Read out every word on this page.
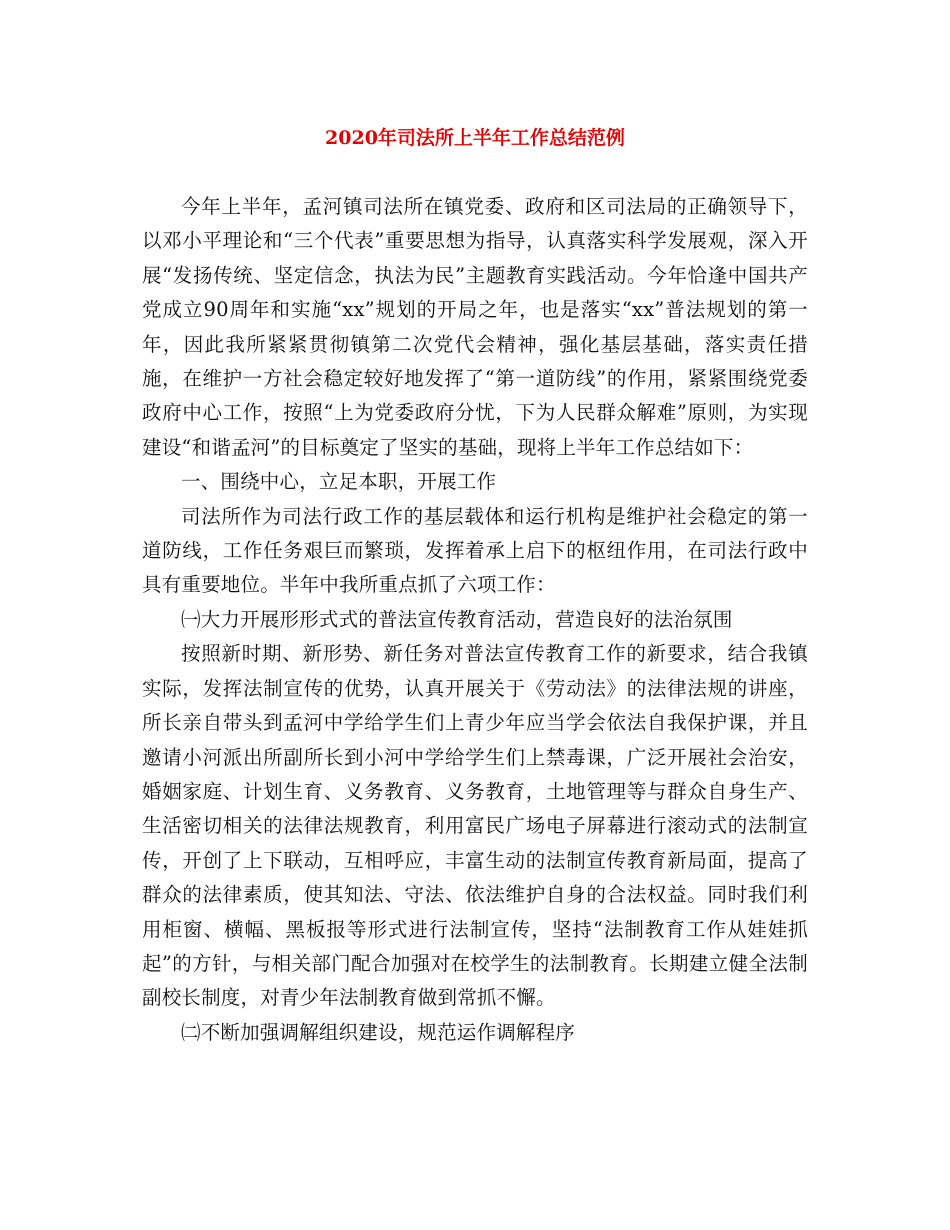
2020年司法所上半年工作总结范例

今年上半年，孟河镇司法所在镇党委、政府和区司法局的正确领导下，以邓小平理论和“三个代表”重要思想为指导，认真落实科学发展观，深入开展“发扬传统、坚定信念，执法为民”主题教育实践活动。今年恰逢中国共产党成立90周年和实施“xx”规划的开局之年，也是落实“xx”普法规划的第一年，因此我所紧紧贯彻镇第二次党代会精神，强化基层基础，落实责任措施，在维护一方社会稳定较好地发挥了“第一道防线”的作用，紧紧围绕党委政府中心工作，按照“上为党委政府分忧，下为人民群众解难”原则，为实现建设“和谐孟河”的目标奠定了坚实的基础，现将上半年工作总结如下：

一、围绕中心，立足本职，开展工作

司法所作为司法行政工作的基层载体和运行机构是维护社会稳定的第一道防线，工作任务艰巨而繁琐，发挥着承上启下的枢纽作用，在司法行政中具有重要地位。半年中我所重点抓了六项工作：

㈠大力开展形形式式的普法宣传教育活动，营造良好的法治氛围

按照新时期、新形势、新任务对普法宣传教育工作的新要求，结合我镇实际，发挥法制宣传的优势，认真开展关于《劳动法》的法律法规的讲座，所长亲自带头到孟河中学给学生们上青少年应当学会依法自我保护课，并且邀请小河派出所副所长到小河中学给学生们上禁毒课，广泛开展社会治安，婚姻家庭、计划生育、义务教育、义务教育，土地管理等与群众自身生产、生活密切相关的法律法规教育，利用富民广场电子屏幕进行滚动式的法制宣传，开创了上下联动，互相呼应，丰富生动的法制宣传教育新局面，提高了群众的法律素质，使其知法、守法、依法维护自身的合法权益。同时我们利用柜窗、横幅、黑板报等形式进行法制宣传，坚持“法制教育工作从娃娃抓起”的方针，与相关部门配合加强对在校学生的法制教育。长期建立健全法制副校长制度，对青少年法制教育做到常抓不懈。

㈡不断加强调解组织建设，规范运作调解程序
